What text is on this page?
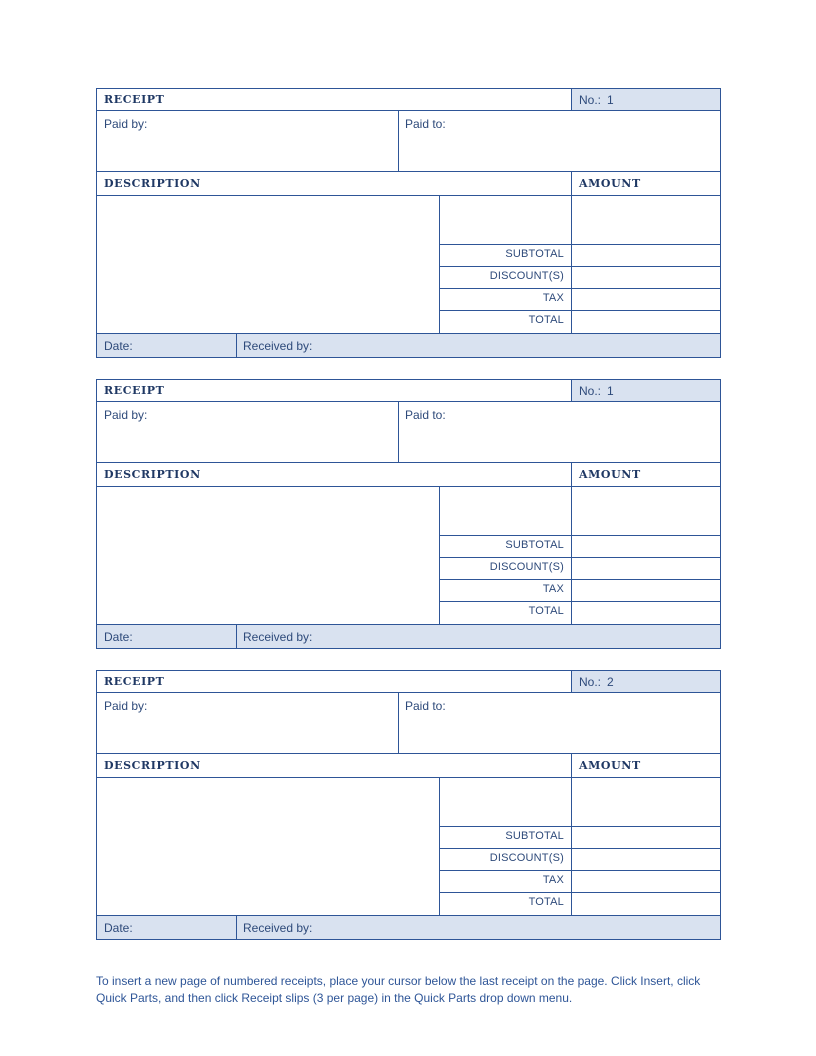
RECEIPT	No.: 1
Paid by:	Paid to:
DESCRIPTION	AMOUNT
SUBTOTAL
DISCOUNT(S)
TAX
TOTAL
Date:	Received by:
RECEIPT	No.: 1
Paid by:	Paid to:
DESCRIPTION	AMOUNT
SUBTOTAL
DISCOUNT(S)
TAX
TOTAL
Date:	Received by:
RECEIPT	No.: 2
Paid by:	Paid to:
DESCRIPTION	AMOUNT
SUBTOTAL
DISCOUNT(S)
TAX
TOTAL
Date:	Received by:
To insert a new page of numbered receipts, place your cursor below the last receipt on the page. Click Insert, click Quick Parts, and then click Receipt slips (3 per page) in the Quick Parts drop down menu.
